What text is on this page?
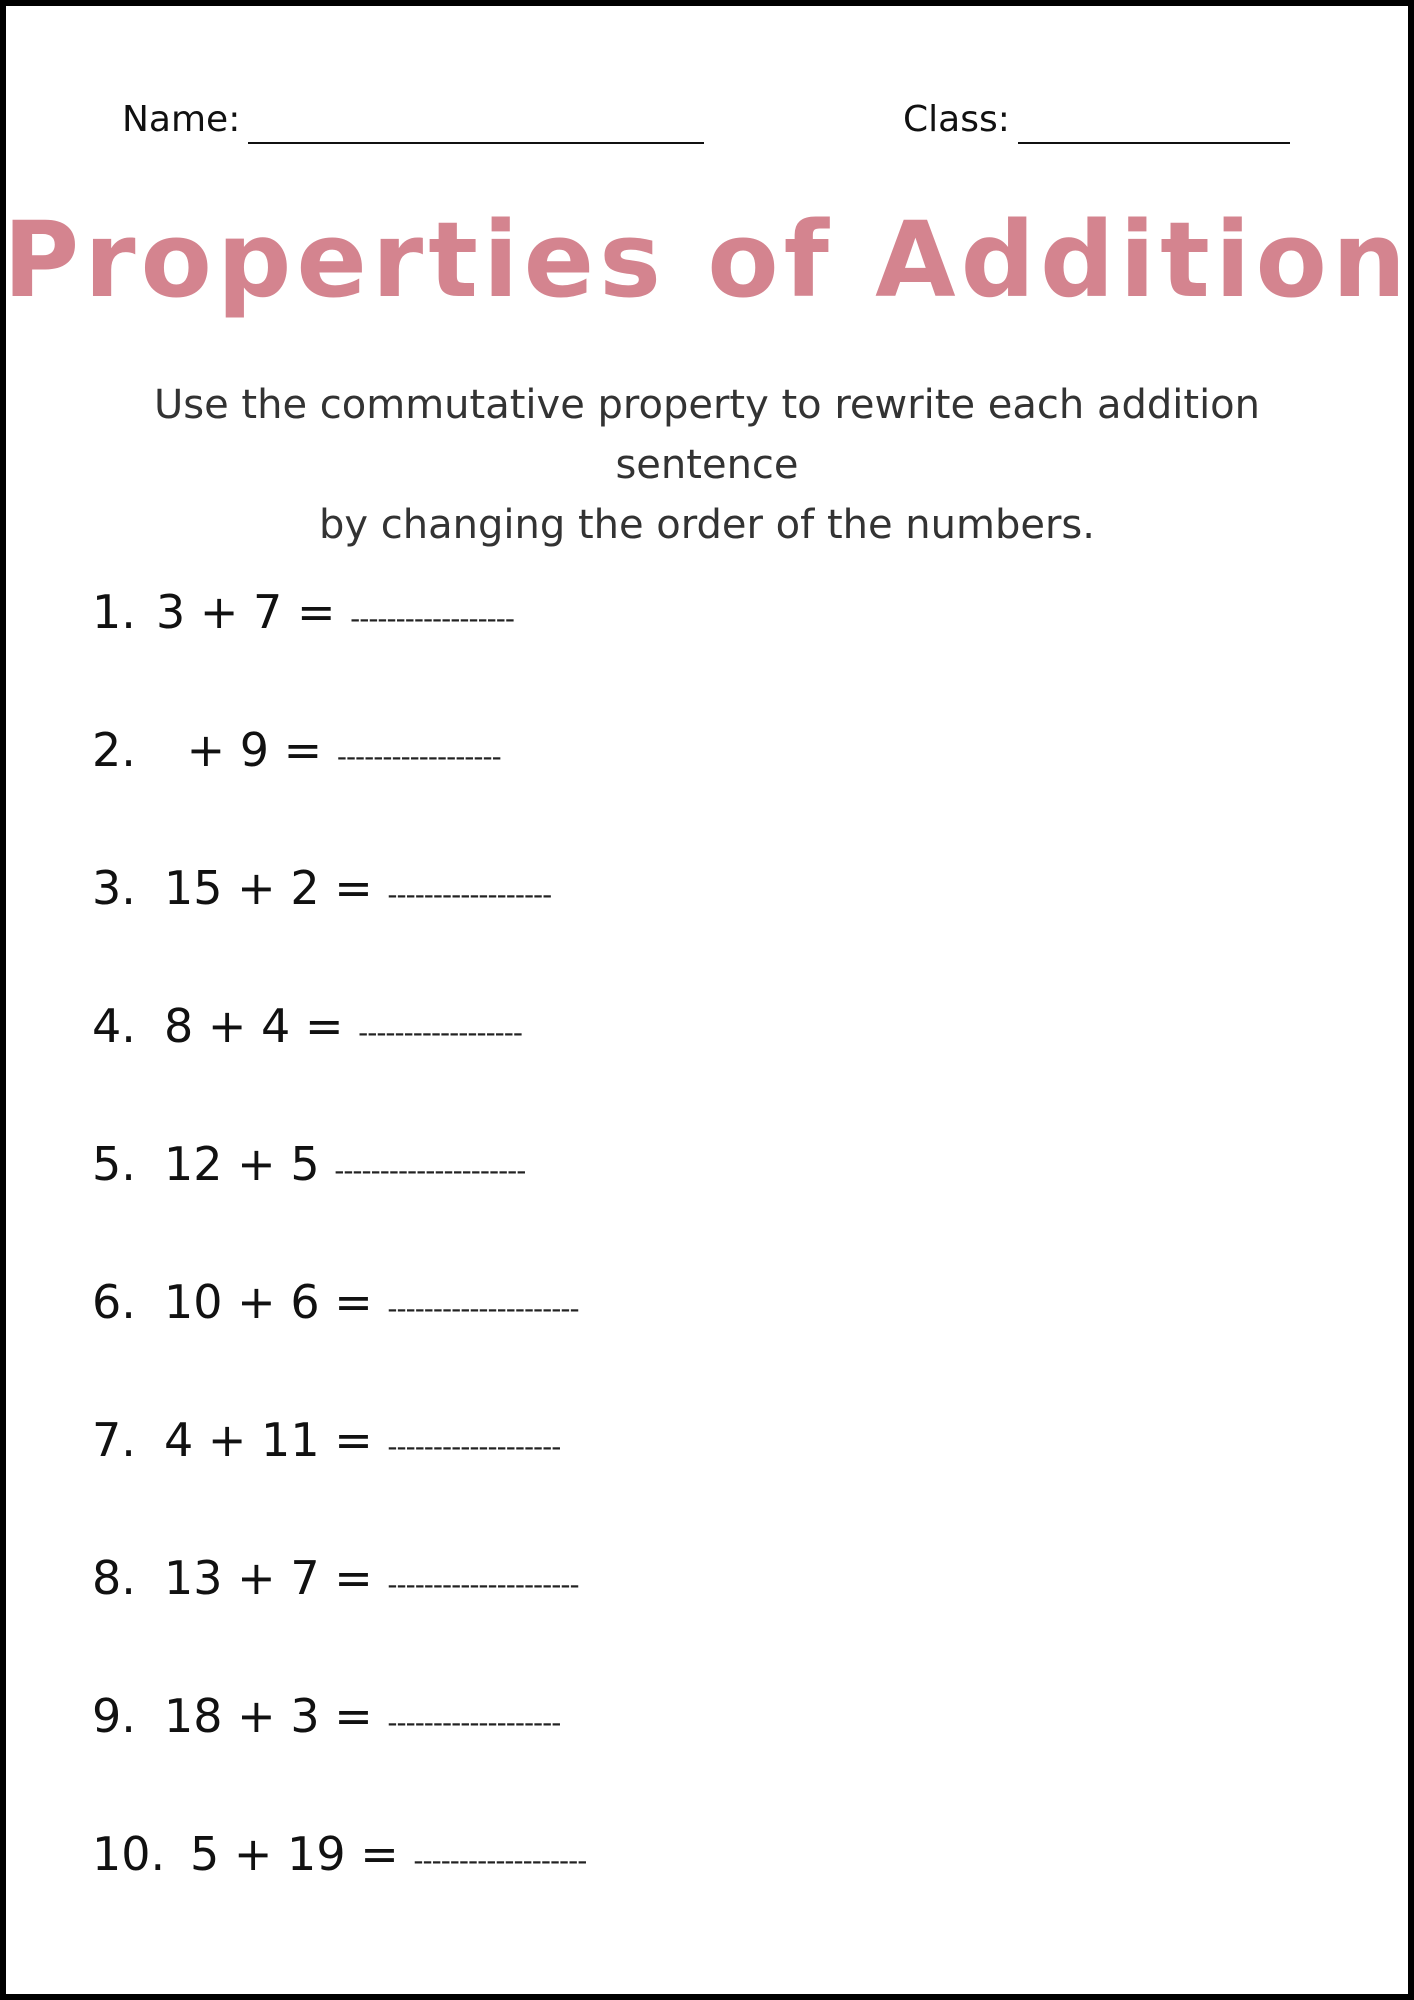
Name:	Class:
Properties of Addition
Use the commutative property to rewrite each addition sentence
by changing the order of the numbers.
1. 3 + 7 = ------------------
2. + 9 = ------------------
3. 15 + 2 = ------------------
4. 8 + 4 = ------------------
5. 12 + 5 ---------------------
6. 10 + 6 = ---------------------
7. 4 + 11 = -------------------
8. 13 + 7 = ---------------------
9. 18 + 3 = -------------------
10. 5 + 19 = -------------------
